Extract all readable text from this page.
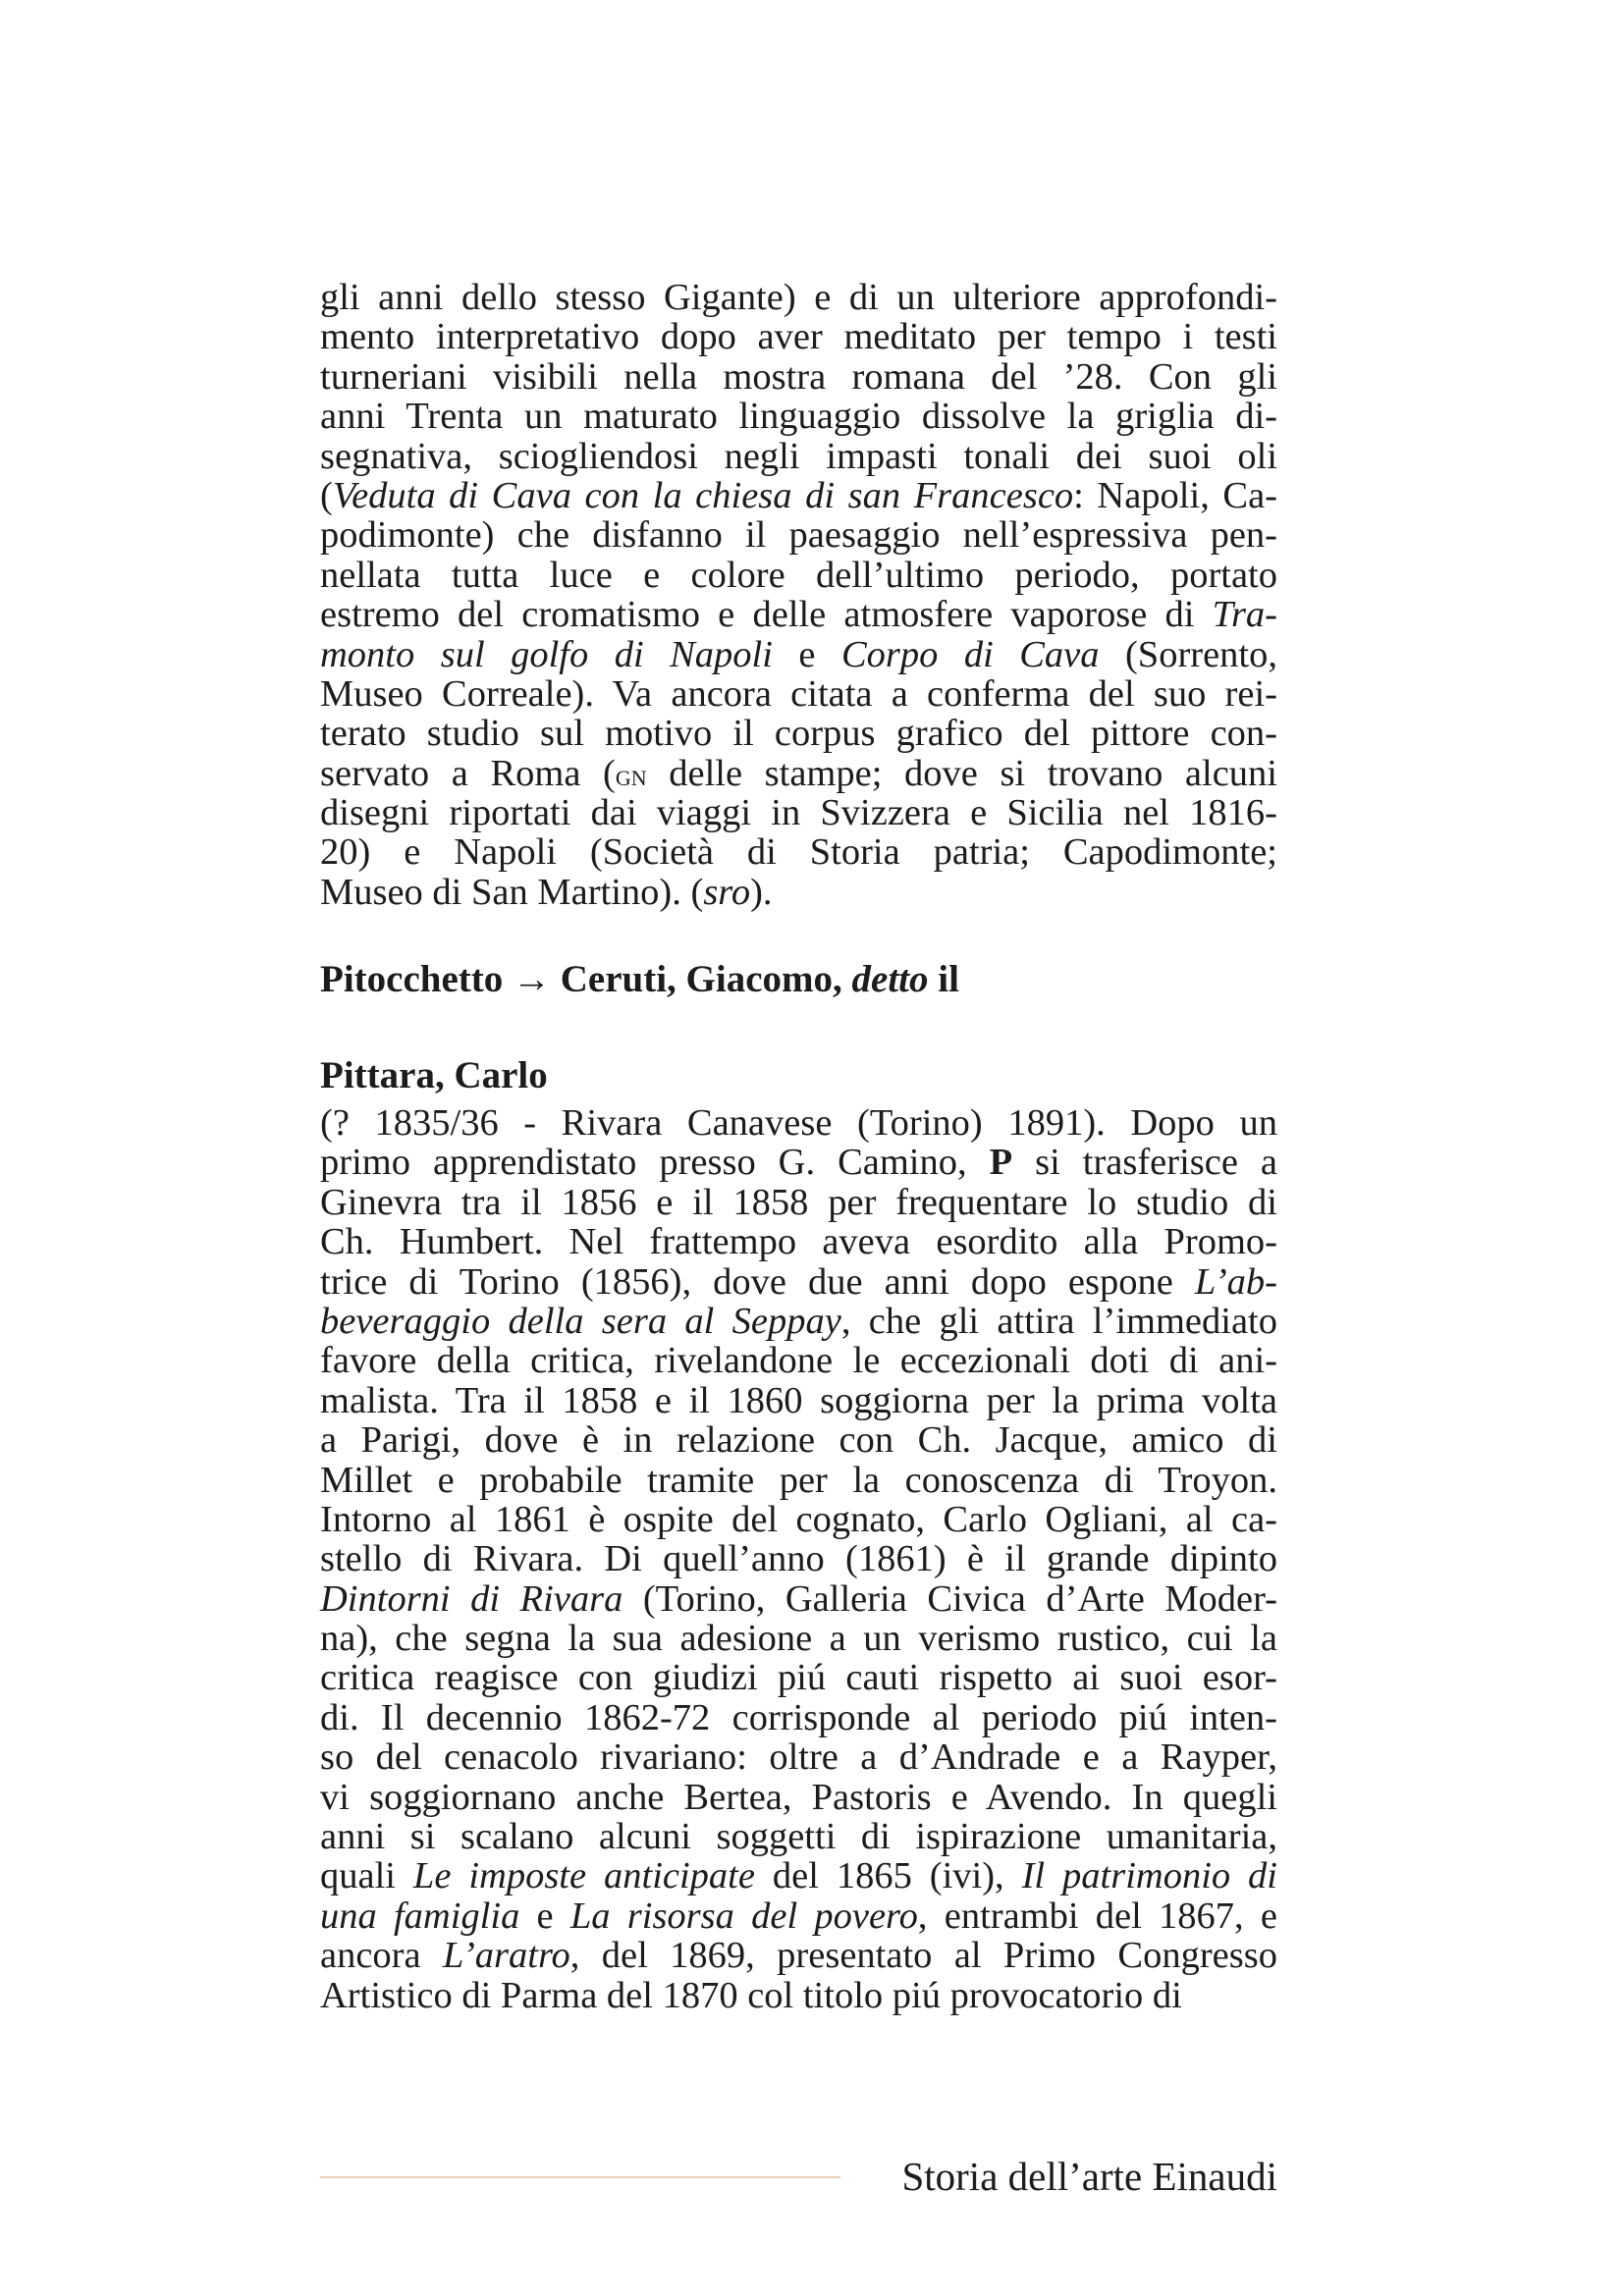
gli anni dello stesso Gigante) e di un ulteriore approfondi-
mento interpretativo dopo aver meditato per tempo i testi
turneriani visibili nella mostra romana del ’28. Con gli
anni Trenta un maturato linguaggio dissolve la griglia di-
segnativa, sciogliendosi negli impasti tonali dei suoi oli
(Veduta di Cava con la chiesa di san Francesco: Napoli, Ca-
podimonte) che disfanno il paesaggio nell’espressiva pen-
nellata tutta luce e colore dell’ultimo periodo, portato
estremo del cromatismo e delle atmosfere vaporose di Tra-
monto sul golfo di Napoli e Corpo di Cava (Sorrento,
Museo Correale). Va ancora citata a conferma del suo rei-
terato studio sul motivo il corpus grafico del pittore con-
servato a Roma (gn delle stampe; dove si trovano alcuni
disegni riportati dai viaggi in Svizzera e Sicilia nel 1816-
20) e Napoli (Società di Storia patria; Capodimonte;
Museo di San Martino). (sro).
Pitocchetto → Ceruti, Giacomo, detto il
Pittara, Carlo
(? 1835/36 - Rivara Canavese (Torino) 1891). Dopo un
primo apprendistato presso G. Camino, P si trasferisce a
Ginevra tra il 1856 e il 1858 per frequentare lo studio di
Ch. Humbert. Nel frattempo aveva esordito alla Promo-
trice di Torino (1856), dove due anni dopo espone L’ab-
beveraggio della sera al Seppay, che gli attira l’immediato
favore della critica, rivelandone le eccezionali doti di ani-
malista. Tra il 1858 e il 1860 soggiorna per la prima volta
a Parigi, dove è in relazione con Ch. Jacque, amico di
Millet e probabile tramite per la conoscenza di Troyon.
Intorno al 1861 è ospite del cognato, Carlo Ogliani, al ca-
stello di Rivara. Di quell’anno (1861) è il grande dipinto
Dintorni di Rivara (Torino, Galleria Civica d’Arte Moder-
na), che segna la sua adesione a un verismo rustico, cui la
critica reagisce con giudizi piú cauti rispetto ai suoi esor-
di. Il decennio 1862-72 corrisponde al periodo piú inten-
so del cenacolo rivariano: oltre a d’Andrade e a Rayper,
vi soggiornano anche Bertea, Pastoris e Avendo. In quegli
anni si scalano alcuni soggetti di ispirazione umanitaria,
quali Le imposte anticipate del 1865 (ivi), Il patrimonio di
una famiglia e La risorsa del povero, entrambi del 1867, e
ancora L’aratro, del 1869, presentato al Primo Congresso
Artistico di Parma del 1870 col titolo piú provocatorio di
Storia dell’arte Einaudi
